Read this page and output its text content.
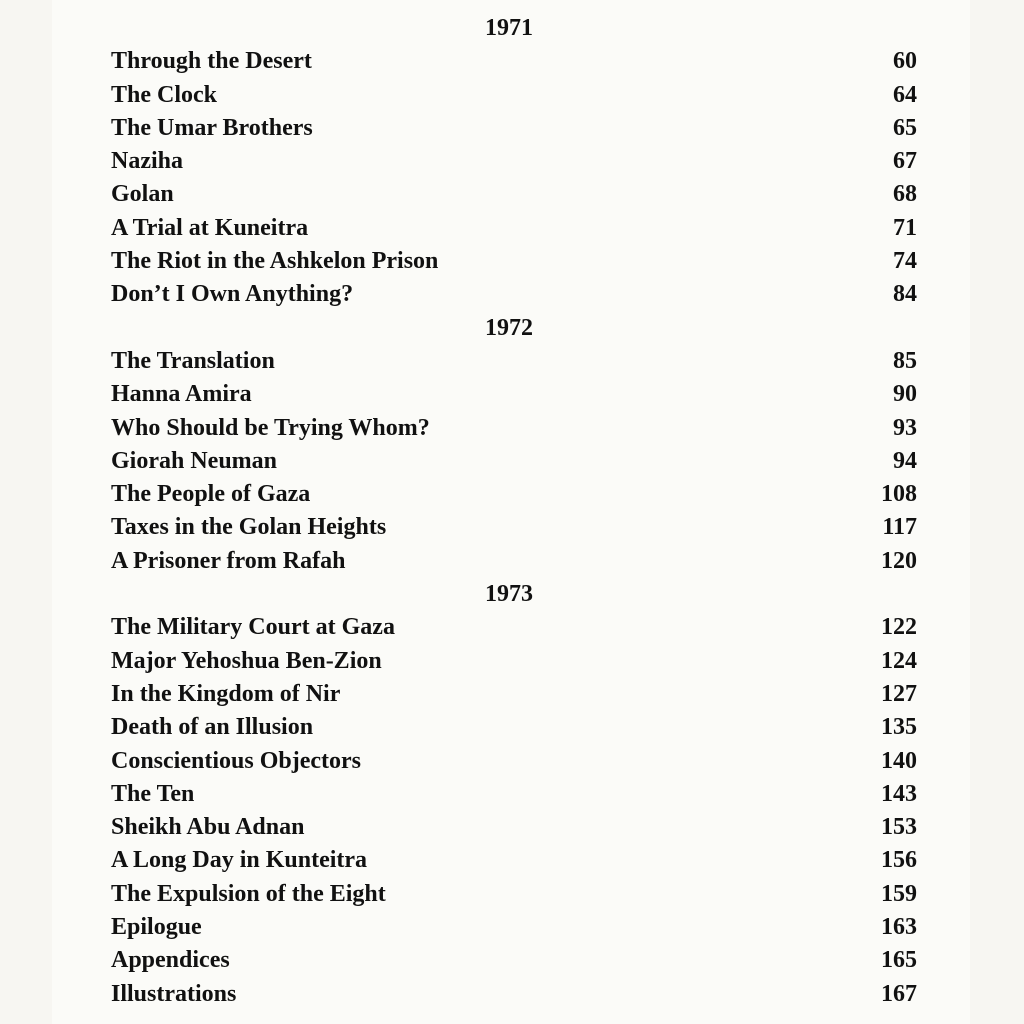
1971
Through the Desert	60
The Clock	64
The Umar Brothers	65
Naziha	67
Golan	68
A Trial at Kuneitra	71
The Riot in the Ashkelon Prison	74
Don’t I Own Anything?	84
1972
The Translation	85
Hanna Amira	90
Who Should be Trying Whom?	93
Giorah Neuman	94
The People of Gaza	108
Taxes in the Golan Heights	117
A Prisoner from Rafah	120
1973
The Military Court at Gaza	122
Major Yehoshua Ben-Zion	124
In the Kingdom of Nir	127
Death of an Illusion	135
Conscientious Objectors	140
The Ten	143
Sheikh Abu Adnan	153
A Long Day in Kunteitra	156
The Expulsion of the Eight	159
Epilogue	163
Appendices	165
Illustrations	167
